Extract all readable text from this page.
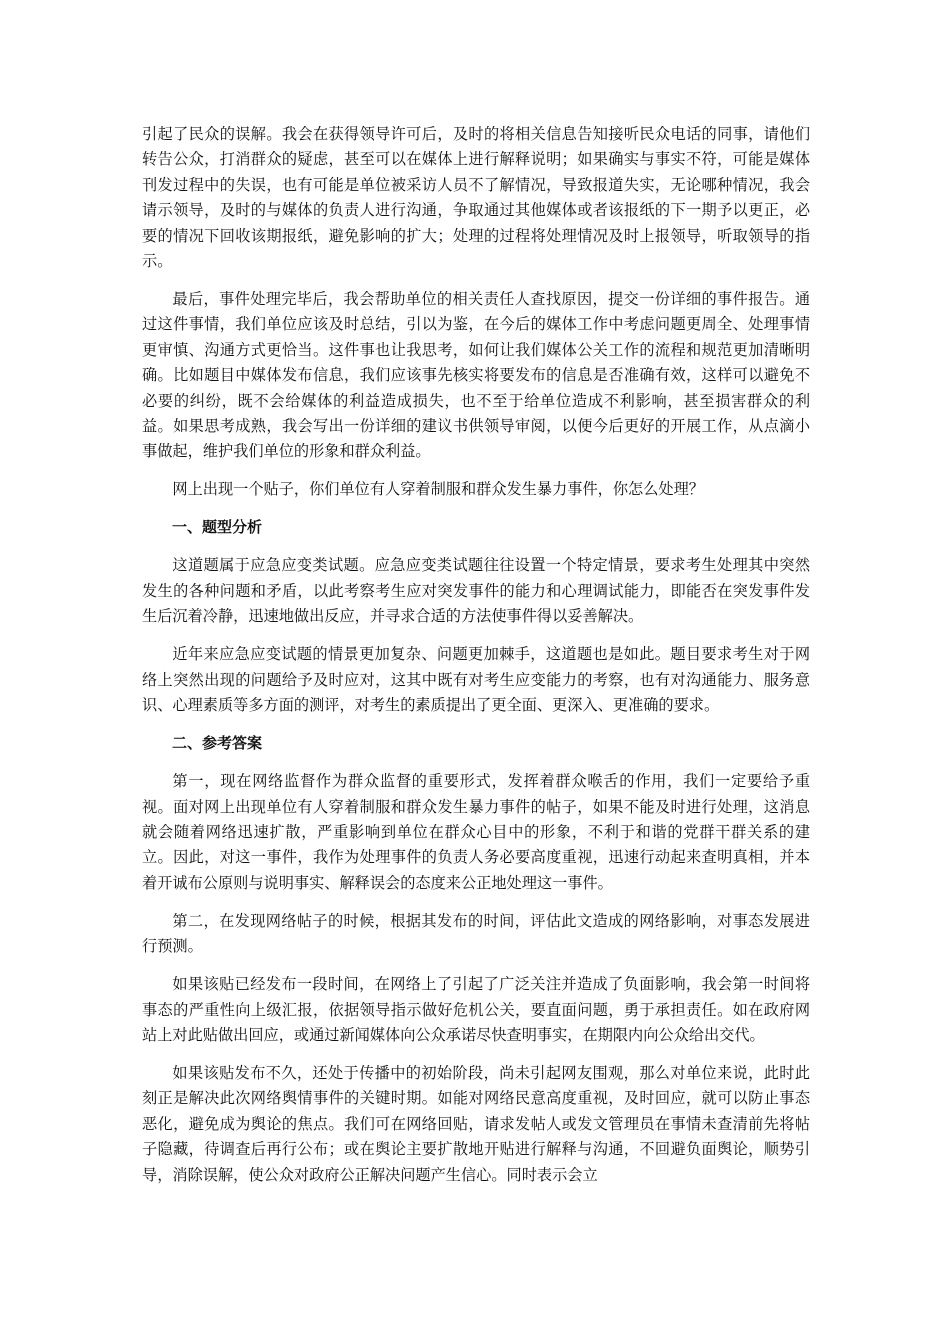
引起了民众的误解。我会在获得领导许可后，及时的将相关信息告知接听民众电话的同事，请他们转告公众，打消群众的疑虑，甚至可以在媒体上进行解释说明；如果确实与事实不符，可能是媒体刊发过程中的失误，也有可能是单位被采访人员不了解情况，导致报道失实，无论哪种情况，我会请示领导，及时的与媒体的负责人进行沟通，争取通过其他媒体或者该报纸的下一期予以更正，必要的情况下回收该期报纸，避免影响的扩大；处理的过程将处理情况及时上报领导，听取领导的指示。

最后，事件处理完毕后，我会帮助单位的相关责任人查找原因，提交一份详细的事件报告。通过这件事情，我们单位应该及时总结，引以为鉴，在今后的媒体工作中考虑问题更周全、处理事情更审慎、沟通方式更恰当。这件事也让我思考，如何让我们媒体公关工作的流程和规范更加清晰明确。比如题目中媒体发布信息，我们应该事先核实将要发布的信息是否准确有效，这样可以避免不必要的纠纷，既不会给媒体的利益造成损失，也不至于给单位造成不利影响，甚至损害群众的利益。如果思考成熟，我会写出一份详细的建议书供领导审阅，以便今后更好的开展工作，从点滴小事做起，维护我们单位的形象和群众利益。

网上出现一个贴子，你们单位有人穿着制服和群众发生暴力事件，你怎么处理？

一、题型分析

这道题属于应急应变类试题。应急应变类试题往往设置一个特定情景，要求考生处理其中突然发生的各种问题和矛盾，以此考察考生应对突发事件的能力和心理调试能力，即能否在突发事件发生后沉着冷静，迅速地做出反应，并寻求合适的方法使事件得以妥善解决。

近年来应急应变试题的情景更加复杂、问题更加棘手，这道题也是如此。题目要求考生对于网络上突然出现的问题给予及时应对，这其中既有对考生应变能力的考察，也有对沟通能力、服务意识、心理素质等多方面的测评，对考生的素质提出了更全面、更深入、更准确的要求。

二、参考答案

第一，现在网络监督作为群众监督的重要形式，发挥着群众喉舌的作用，我们一定要给予重视。面对网上出现单位有人穿着制服和群众发生暴力事件的帖子，如果不能及时进行处理，这消息就会随着网络迅速扩散，严重影响到单位在群众心目中的形象，不利于和谐的党群干群关系的建立。因此，对这一事件，我作为处理事件的负责人务必要高度重视，迅速行动起来查明真相，并本着开诚布公原则与说明事实、解释误会的态度来公正地处理这一事件。

第二，在发现网络帖子的时候，根据其发布的时间，评估此文造成的网络影响，对事态发展进行预测。

如果该贴已经发布一段时间，在网络上了引起了广泛关注并造成了负面影响，我会第一时间将事态的严重性向上级汇报，依据领导指示做好危机公关，要直面问题，勇于承担责任。如在政府网站上对此贴做出回应，或通过新闻媒体向公众承诺尽快查明事实，在期限内向公众给出交代。

如果该贴发布不久，还处于传播中的初始阶段，尚未引起网友围观，那么对单位来说，此时此刻正是解决此次网络舆情事件的关键时期。如能对网络民意高度重视，及时回应，就可以防止事态恶化，避免成为舆论的焦点。我们可在网络回贴，请求发帖人或发文管理员在事情未查清前先将帖子隐藏，待调查后再行公布；或在舆论主要扩散地开贴进行解释与沟通，不回避负面舆论，顺势引导，消除误解，使公众对政府公正解决问题产生信心。同时表示会立
